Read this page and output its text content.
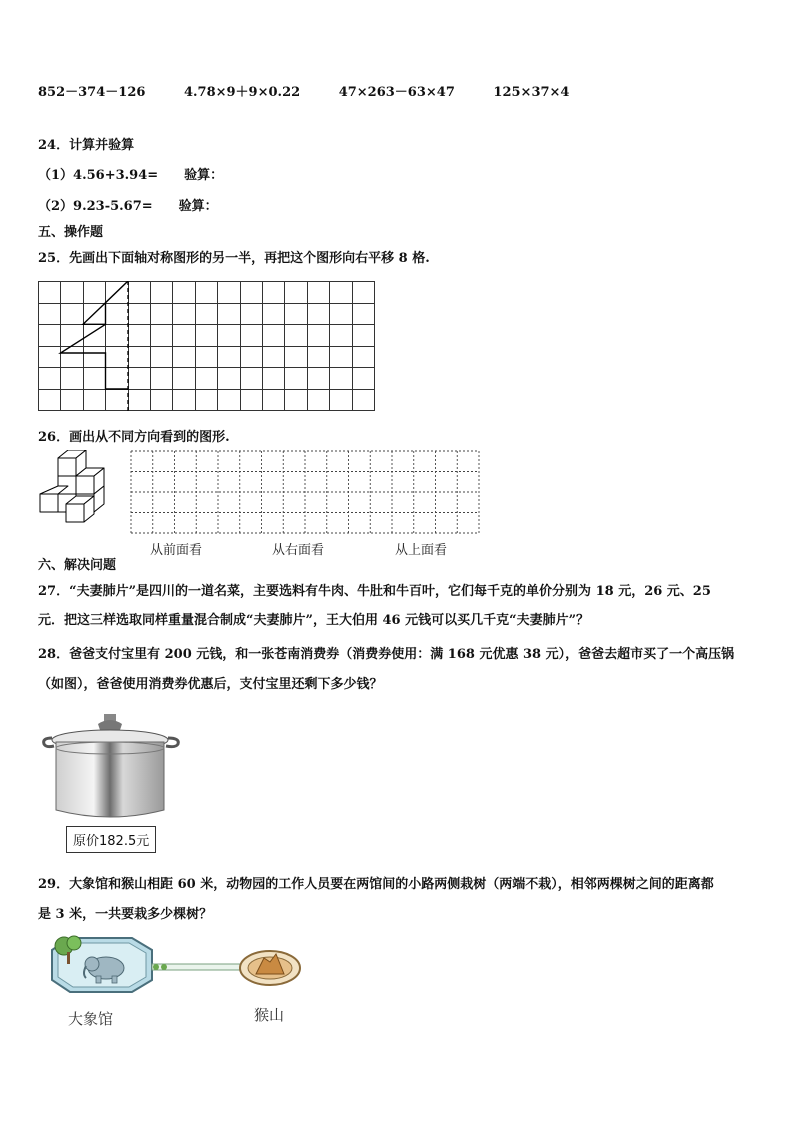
852－374－126	4.78×9＋9×0.22	47×263－63×47	125×37×4
24．计算并验算
（1）4.56+3.94=　　验算：
（2）9.23-5.67=　　验算：
五、操作题
25．先画出下面轴对称图形的另一半，再把这个图形向右平移 8 格.
26．画出从不同方向看到的图形.
从前面看	从右面看	从上面看
六、解决问题
27．“夫妻肺片”是四川的一道名菜，主要选料有牛肉、牛肚和牛百叶，它们每千克的单价分别为 18 元，26 元、25
元．把这三样选取同样重量混合制成“夫妻肺片”，王大伯用 46 元钱可以买几千克“夫妻肺片”？
28．爸爸支付宝里有 200 元钱，和一张苍南消费券（消费券使用：满 168 元优惠 38 元），爸爸去超市买了一个高压锅
（如图），爸爸使用消费券优惠后，支付宝里还剩下多少钱？
原价182.5元
29．大象馆和猴山相距 60 米，动物园的工作人员要在两馆间的小路两侧栽树（两端不栽），相邻两棵树之间的距离都
是 3 米，一共要栽多少棵树？
大象馆	猴山
